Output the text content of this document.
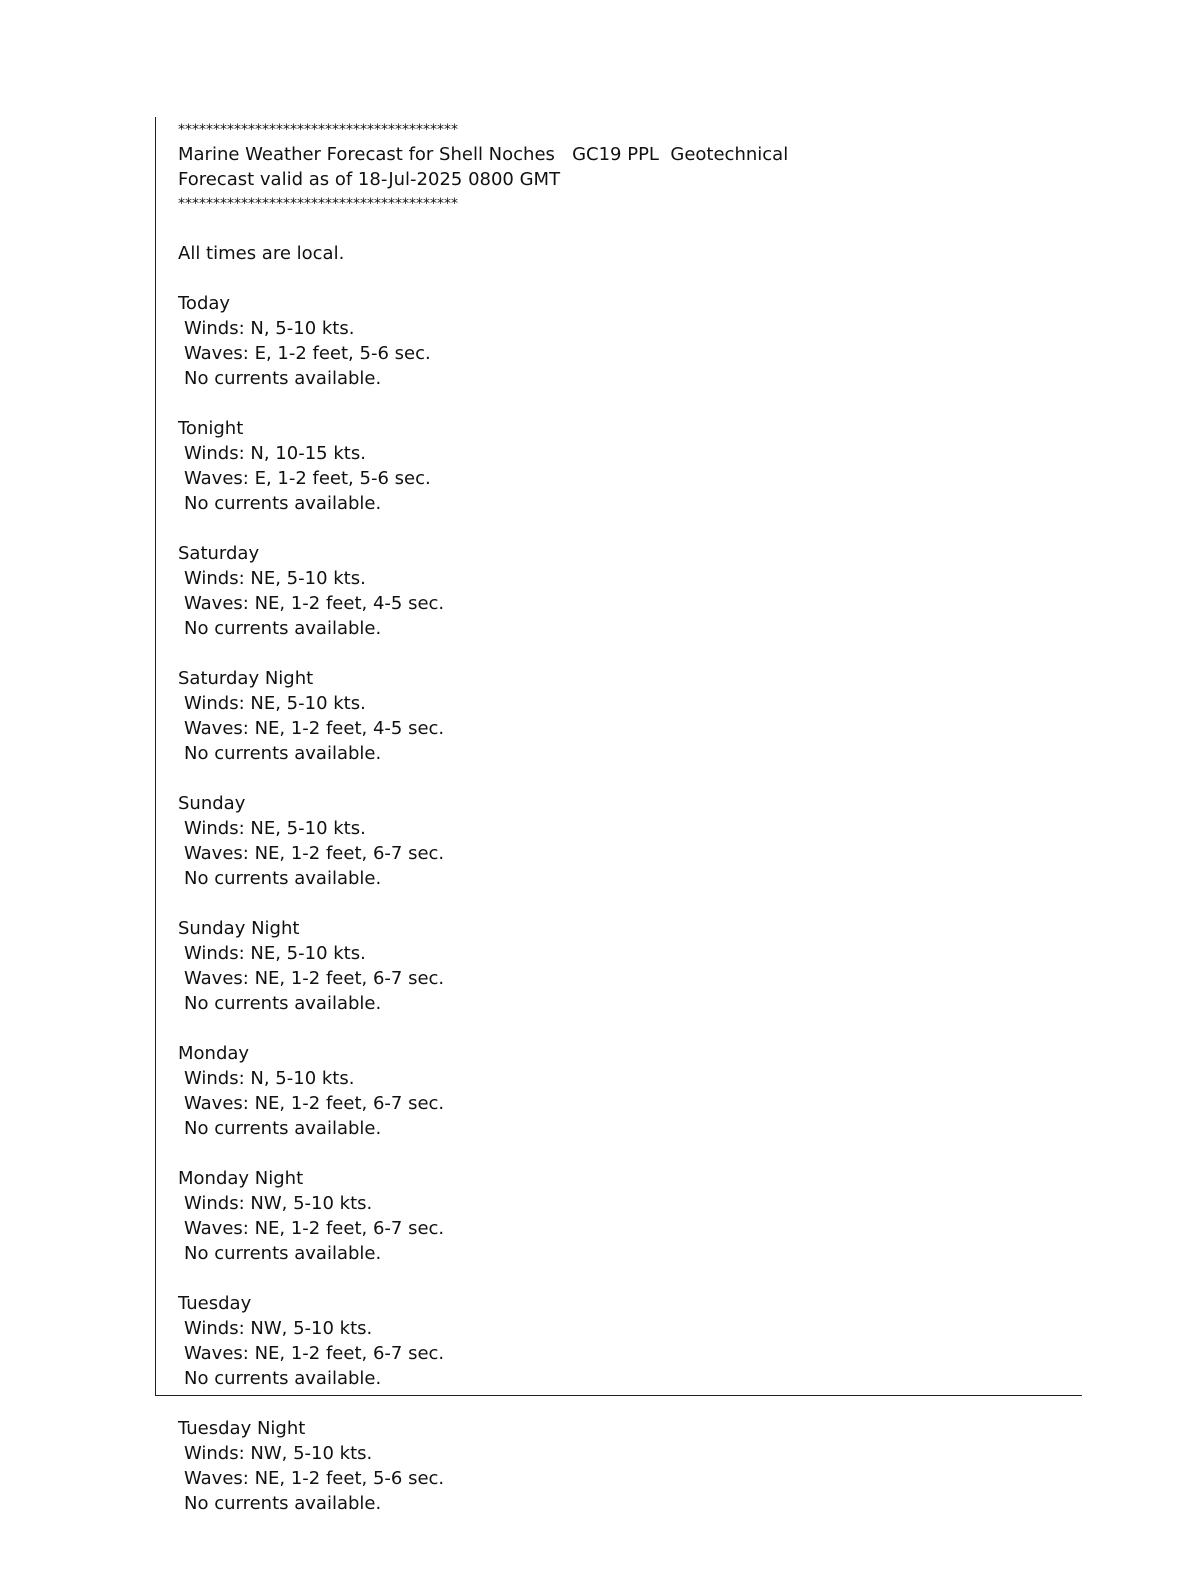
****************************************
Marine Weather Forecast for Shell Noches   GC19 PPL  Geotechnical
Forecast valid as of 18-Jul-2025 0800 GMT
****************************************
All times are local.
Today
Winds: N, 5-10 kts.
Waves: E, 1-2 feet, 5-6 sec.
No currents available.
Tonight
Winds: N, 10-15 kts.
Waves: E, 1-2 feet, 5-6 sec.
No currents available.
Saturday
Winds: NE, 5-10 kts.
Waves: NE, 1-2 feet, 4-5 sec.
No currents available.
Saturday Night
Winds: NE, 5-10 kts.
Waves: NE, 1-2 feet, 4-5 sec.
No currents available.
Sunday
Winds: NE, 5-10 kts.
Waves: NE, 1-2 feet, 6-7 sec.
No currents available.
Sunday Night
Winds: NE, 5-10 kts.
Waves: NE, 1-2 feet, 6-7 sec.
No currents available.
Monday
Winds: N, 5-10 kts.
Waves: NE, 1-2 feet, 6-7 sec.
No currents available.
Monday Night
Winds: NW, 5-10 kts.
Waves: NE, 1-2 feet, 6-7 sec.
No currents available.
Tuesday
Winds: NW, 5-10 kts.
Waves: NE, 1-2 feet, 6-7 sec.
No currents available.
Tuesday Night
Winds: NW, 5-10 kts.
Waves: NE, 1-2 feet, 5-6 sec.
No currents available.
